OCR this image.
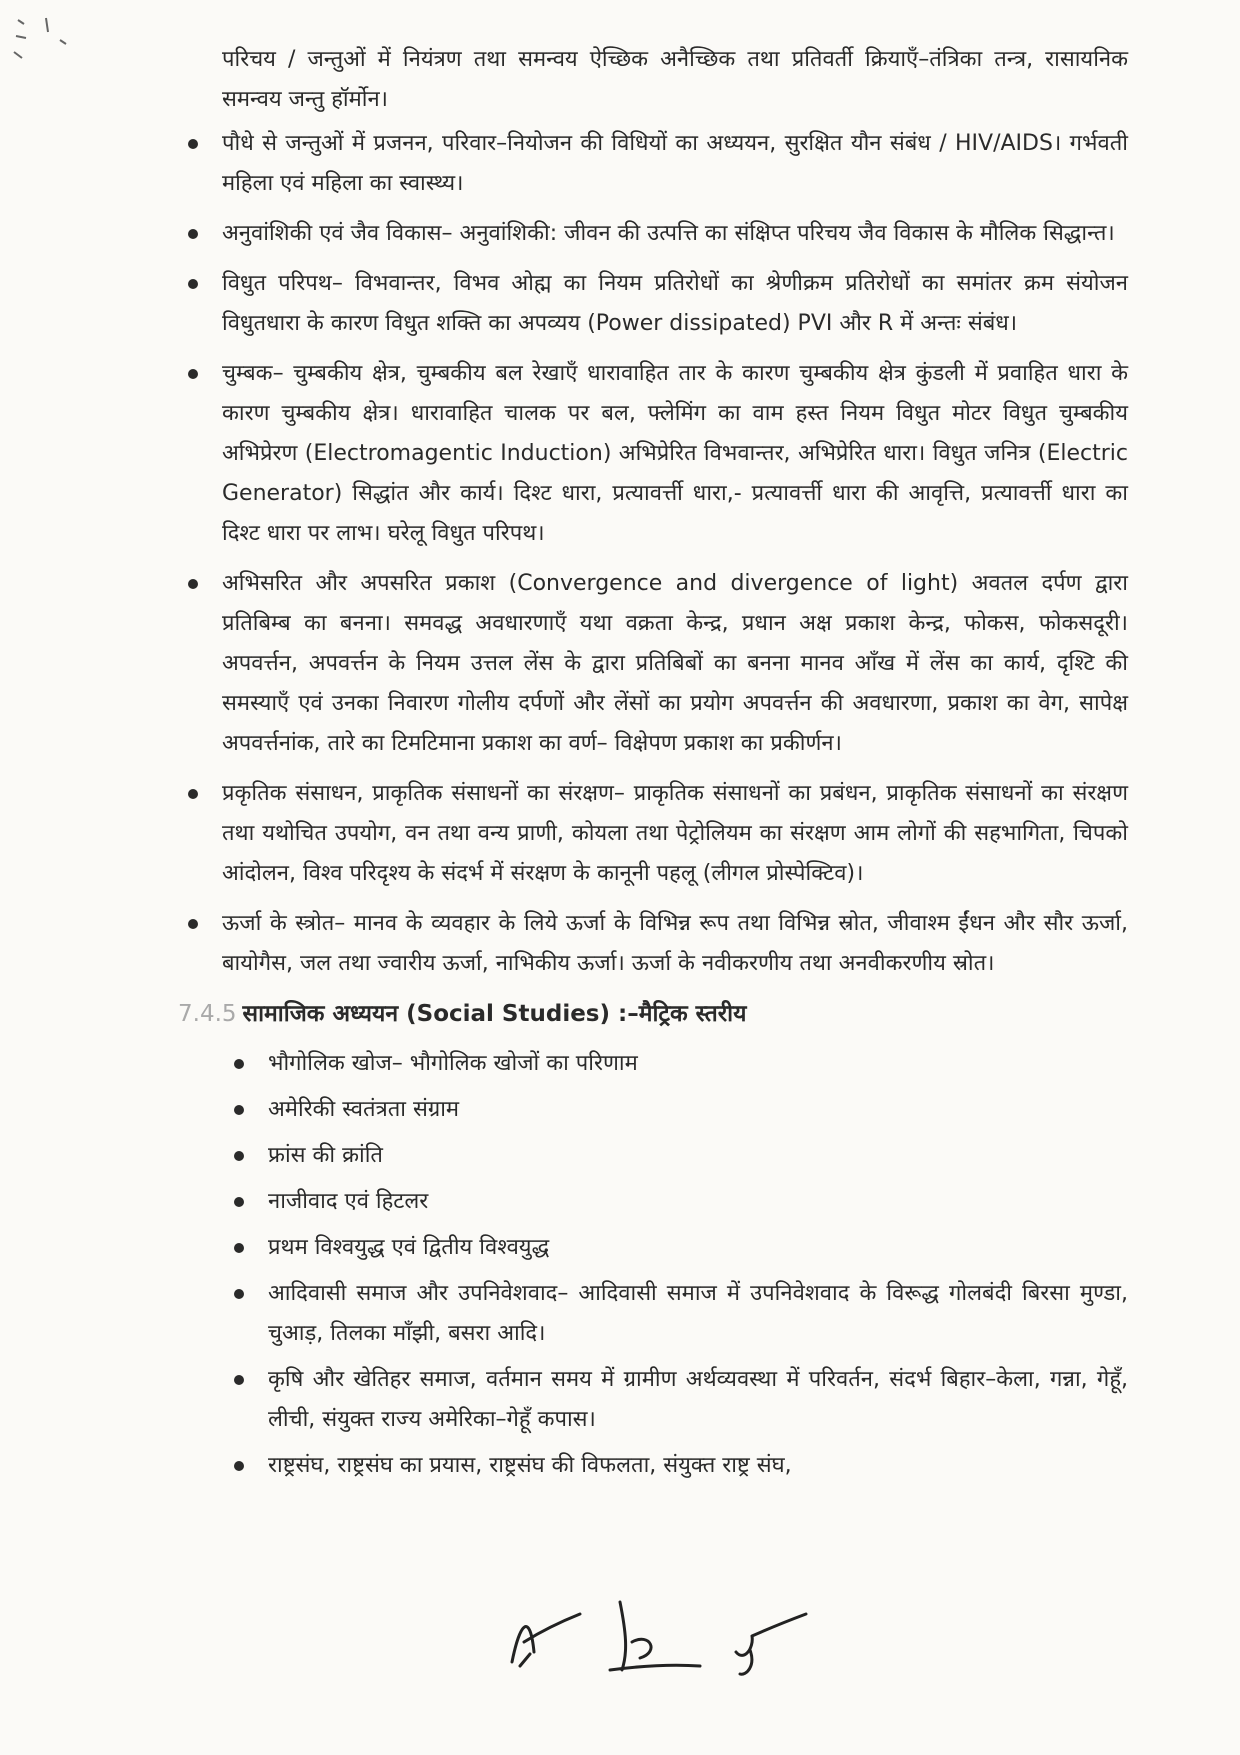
परिचय / जन्तुओं में नियंत्रण तथा समन्वय ऐच्छिक अनैच्छिक तथा प्रतिवर्ती क्रियाएँ–तंत्रिका तन्त्र, रासायनिक समन्वय जन्तु हॉर्मोन।

पौधे से जन्तुओं में प्रजनन, परिवार–नियोजन की विधियों का अध्ययन, सुरक्षित यौन संबंध / HIV/AIDS। गर्भवती महिला एवं महिला का स्वास्थ्य।
अनुवांशिकी एवं जैव विकास– अनुवांशिकी: जीवन की उत्पत्ति का संक्षिप्त परिचय जैव विकास के मौलिक सिद्धान्त।
विधुत परिपथ– विभवान्तर, विभव ओह्म का नियम प्रतिरोधों का श्रेणीक्रम प्रतिरोधों का समांतर क्रम संयोजन विधुतधारा के कारण विधुत शक्ति का अपव्यय (Power dissipated) PVI और R में अन्तः संबंध।
चुम्बक– चुम्बकीय क्षेत्र, चुम्बकीय बल रेखाएँ धारावाहित तार के कारण चुम्बकीय क्षेत्र कुंडली में प्रवाहित धारा के कारण चुम्बकीय क्षेत्र। धारावाहित चालक पर बल, फ्लेमिंग का वाम हस्त नियम विधुत मोटर विधुत चुम्बकीय अभिप्रेरण (Electromagentic Induction) अभिप्रेरित विभवान्तर, अभिप्रेरित धारा। विधुत जनित्र (Electric Generator) सिद्धांत और कार्य। दिश्ट धारा, प्रत्यावर्त्ती धारा,- प्रत्यावर्त्ती धारा की आवृत्ति, प्रत्यावर्त्ती धारा का दिश्ट धारा पर लाभ। घरेलू विधुत परिपथ।
अभिसरित और अपसरित प्रकाश (Convergence and divergence of light) अवतल दर्पण द्वारा प्रतिबिम्ब का बनना। समवद्ध अवधारणाएँ यथा वक्रता केन्द्र, प्रधान अक्ष प्रकाश केन्द्र, फोकस, फोकसदूरी। अपवर्त्तन, अपवर्त्तन के नियम उत्तल लेंस के द्वारा प्रतिबिबों का बनना मानव आँख में लेंस का कार्य, दृश्टि की समस्याएँ एवं उनका निवारण गोलीय दर्पणों और लेंसों का प्रयोग अपवर्त्तन की अवधारणा, प्रकाश का वेग, सापेक्ष अपवर्त्तनांक, तारे का टिमटिमाना प्रकाश का वर्ण– विक्षेपण प्रकाश का प्रकीर्णन।
प्रकृतिक संसाधन, प्राकृतिक संसाधनों का संरक्षण– प्राकृतिक संसाधनों का प्रबंधन, प्राकृतिक संसाधनों का संरक्षण तथा यथोचित उपयोग, वन तथा वन्य प्राणी, कोयला तथा पेट्रोलियम का संरक्षण आम लोगों की सहभागिता, चिपको आंदोलन, विश्व परिदृश्य के संदर्भ में संरक्षण के कानूनी पहलू (लीगल प्रोस्पेक्टिव)।
ऊर्जा के स्त्रोत– मानव के व्यवहार के लिये ऊर्जा के विभिन्न रूप तथा विभिन्न स्रोत, जीवाश्म ईंधन और सौर ऊर्जा, बायोगैस, जल तथा ज्वारीय ऊर्जा, नाभिकीय ऊर्जा। ऊर्जा के नवीकरणीय तथा अनवीकरणीय स्रोत।
7.4.5 सामाजिक अध्ययन (Social Studies) :–मैट्रिक स्तरीय
भौगोलिक खोज– भौगोलिक खोजों का परिणाम
अमेरिकी स्वतंत्रता संग्राम
फ्रांस की क्रांति
नाजीवाद एवं हिटलर
प्रथम विश्वयुद्ध एवं द्वितीय विश्वयुद्ध
आदिवासी समाज और उपनिवेशवाद– आदिवासी समाज में उपनिवेशवाद के विरूद्ध गोलबंदी बिरसा मुण्डा, चुआड़, तिलका माँझी, बसरा आदि।
कृषि और खेतिहर समाज, वर्तमान समय में ग्रामीण अर्थव्यवस्था में परिवर्तन, संदर्भ बिहार–केला, गन्ना, गेहूँ, लीची, संयुक्त राज्य अमेरिका–गेहूँ कपास।
राष्ट्रसंघ, राष्ट्रसंघ का प्रयास, राष्ट्रसंघ की विफलता, संयुक्त राष्ट्र संघ,
